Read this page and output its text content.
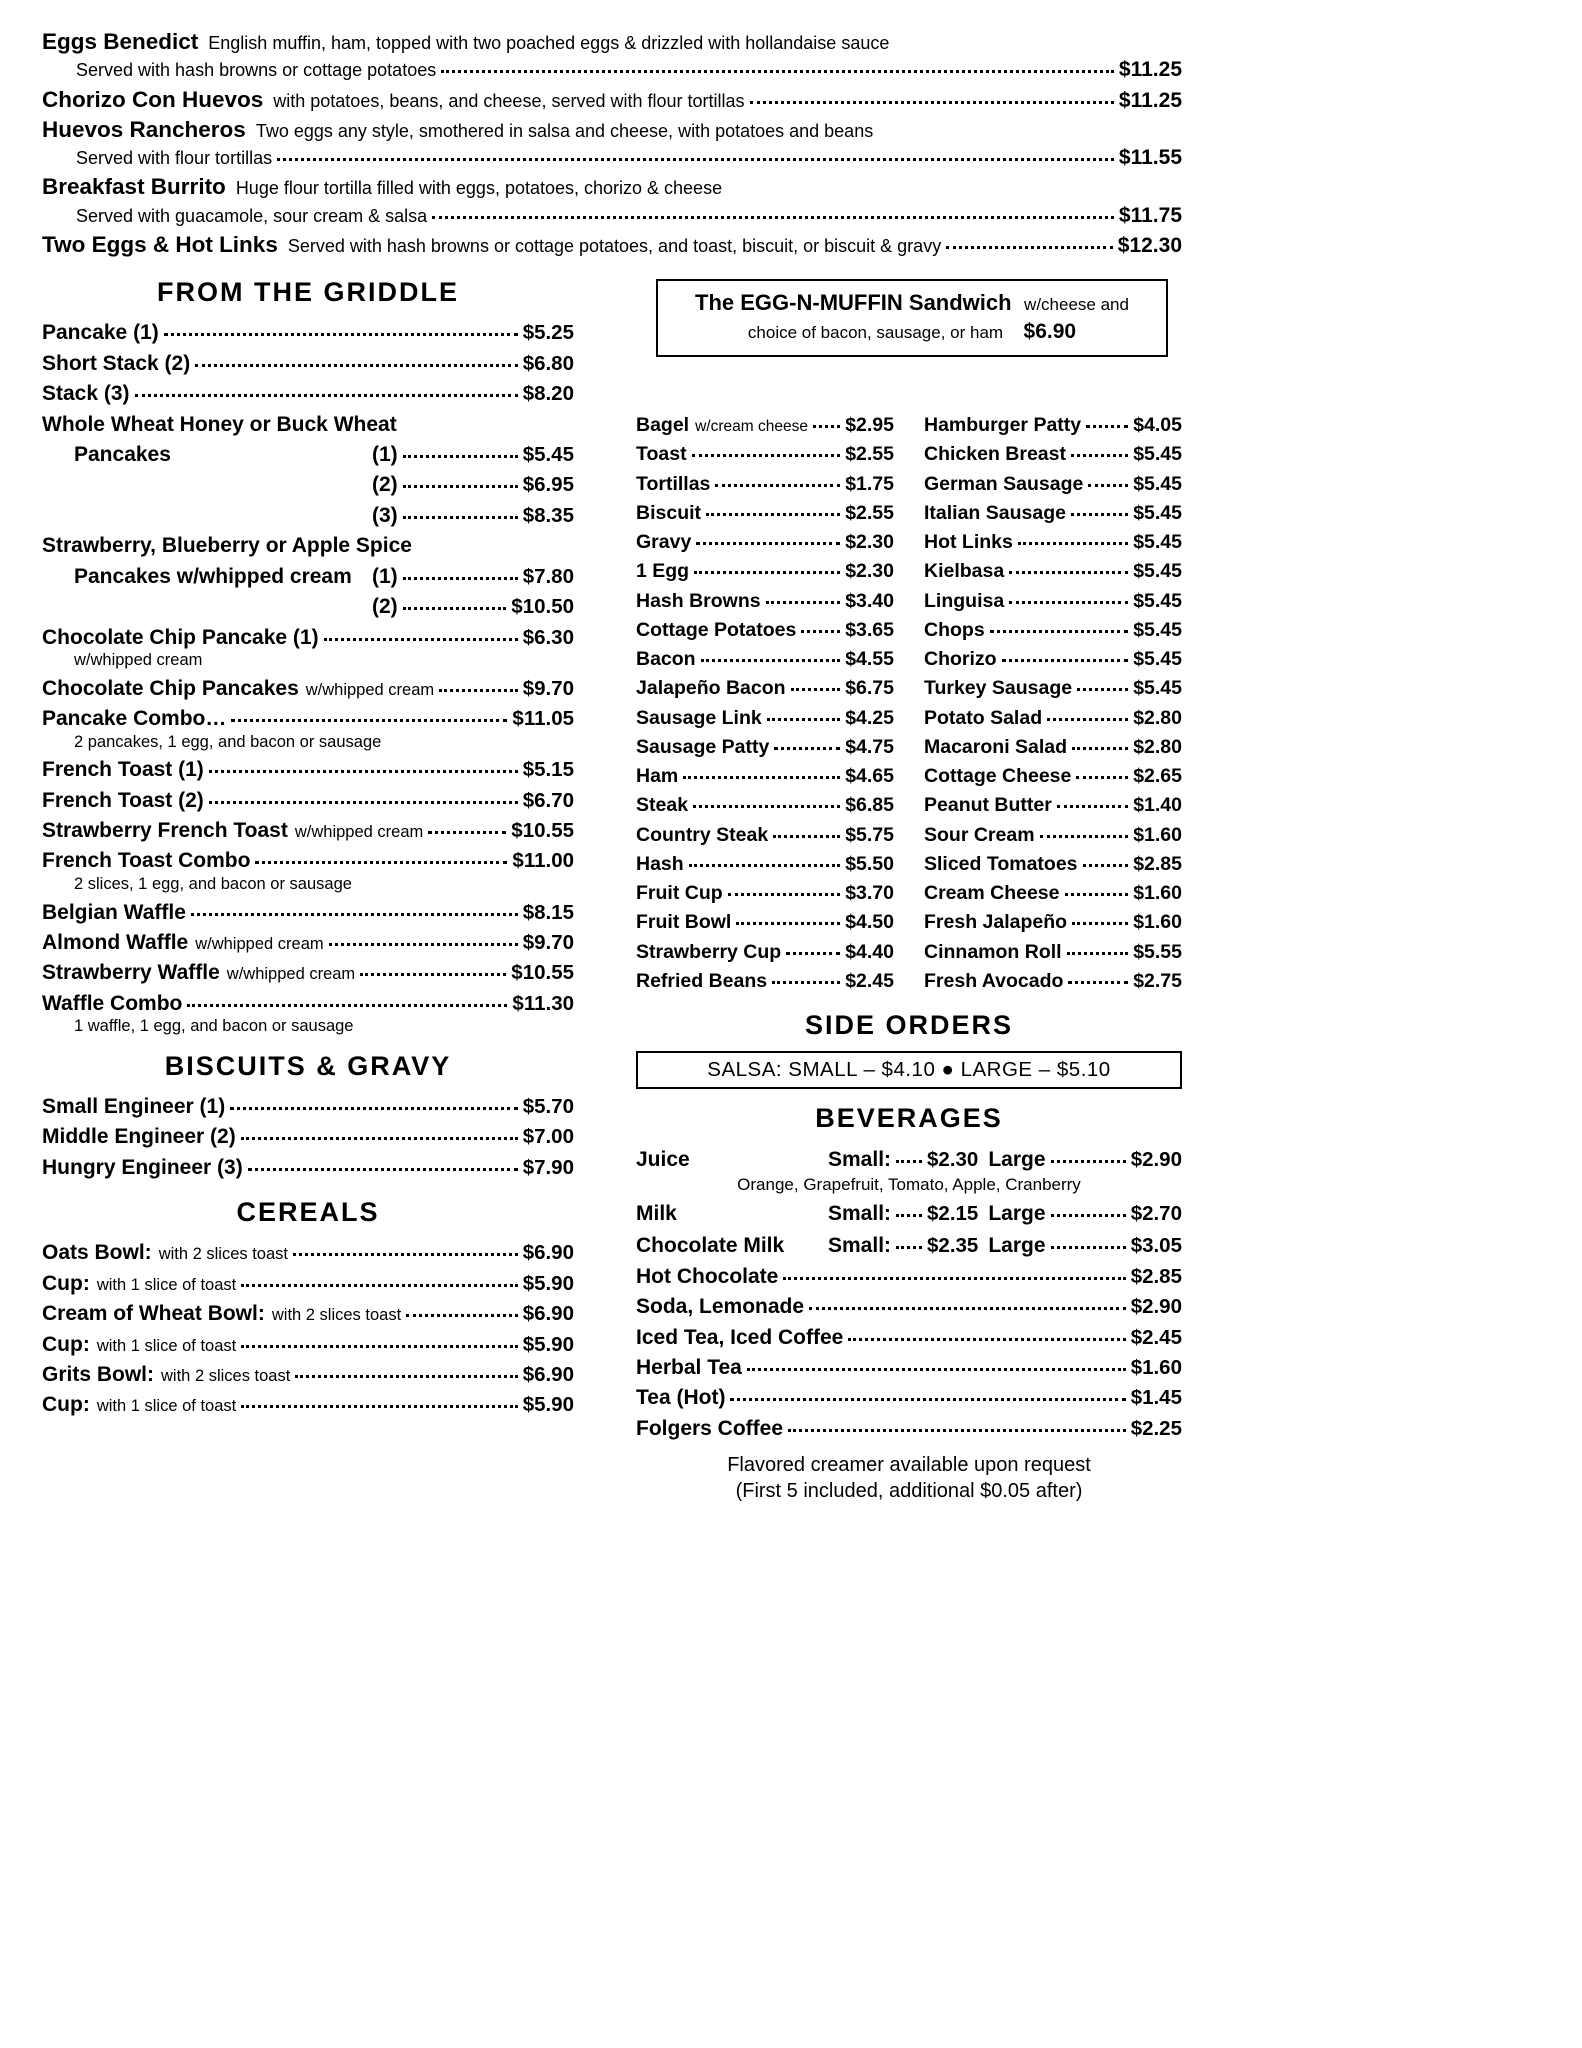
Eggs Benedict English muffin, ham, topped with two poached eggs & drizzled with hollandaise sauce
Served with hash browns or cottage potatoes	$11.25
Chorizo Con Huevos with potatoes, beans, and cheese, served with flour tortillas	$11.25
Huevos Rancheros Two eggs any style, smothered in salsa and cheese, with potatoes and beans
Served with flour tortillas	$11.55
Breakfast Burrito Huge flour tortilla filled with eggs, potatoes, chorizo & cheese
Served with guacamole, sour cream & salsa	$11.75
Two Eggs & Hot Links Served with hash browns or cottage potatoes, and toast, biscuit, or biscuit & gravy	$12.30
FROM THE GRIDDLE
Pancake (1)	$5.25
Short Stack (2)	$6.80
Stack (3)	$8.20
Whole Wheat Honey or Buck Wheat
Pancakes	(1)	$5.45
(2)	$6.95
(3)	$8.35
Strawberry, Blueberry or Apple Spice
Pancakes w/whipped cream (1)	$7.80
(2)	$10.50
Chocolate Chip Pancake (1)	$6.30
w/whipped cream
Chocolate Chip Pancakes w/whipped cream	$9.70
Pancake Combo…	$11.05
2 pancakes, 1 egg, and bacon or sausage
French Toast (1)	$5.15
French Toast (2)	$6.70
Strawberry French Toast w/whipped cream	$10.55
French Toast Combo	$11.00
2 slices, 1 egg, and bacon or sausage
Belgian Waffle	$8.15
Almond Waffle w/whipped cream	$9.70
Strawberry Waffle w/whipped cream	$10.55
Waffle Combo	$11.30
1 waffle, 1 egg, and bacon or sausage
BISCUITS & GRAVY
Small Engineer (1)	$5.70
Middle Engineer (2)	$7.00
Hungry Engineer (3)	$7.90
CEREALS
Oats Bowl: with 2 slices toast	$6.90
Cup: with 1 slice of toast	$5.90
Cream of Wheat Bowl: with 2 slices toast	$6.90
Cup: with 1 slice of toast	$5.90
Grits Bowl: with 2 slices toast	$6.90
Cup: with 1 slice of toast	$5.90
The EGG-N-MUFFIN Sandwich w/cheese and
choice of bacon, sausage, or ham $6.90
Bagel w/cream cheese $2.95
Toast	$2.55
Tortillas	$1.75
Biscuit	$2.55
Gravy	$2.30
1 Egg	$2.30
Hash Browns	$3.40
Cottage Potatoes	$3.65
Bacon	$4.55
Jalapeño Bacon	$6.75
Sausage Link	$4.25
Sausage Patty	$4.75
Ham	$4.65
Steak	$6.85
Country Steak	$5.75
Hash	$5.50
Fruit Cup	$3.70
Fruit Bowl	$4.50
Strawberry Cup	$4.40
Refried Beans	$2.45
Hamburger Patty	$4.05
Chicken Breast	$5.45
German Sausage	$5.45
Italian Sausage	$5.45
Hot Links	$5.45
Kielbasa	$5.45
Linguisa	$5.45
Chops	$5.45
Chorizo	$5.45
Turkey Sausage	$5.45
Potato Salad	$2.80
Macaroni Salad	$2.80
Cottage Cheese	$2.65
Peanut Butter	$1.40
Sour Cream	$1.60
Sliced Tomatoes	$2.85
Cream Cheese	$1.60
Fresh Jalapeño	$1.60
Cinnamon Roll	$5.55
Fresh Avocado	$2.75
SIDE ORDERS
SALSA: SMALL – $4.10 ● LARGE – $5.10
BEVERAGES
Juice	Small: $2.30 Large	$2.90
Orange, Grapefruit, Tomato, Apple, Cranberry
Milk	Small: $2.15 Large	$2.70
Chocolate Milk	Small: $2.35 Large	$3.05
Hot Chocolate	$2.85
Soda, Lemonade	$2.90
Iced Tea, Iced Coffee	$2.45
Herbal Tea	$1.60
Tea (Hot)	$1.45
Folgers Coffee	$2.25
Flavored creamer available upon request
(First 5 included, additional $0.05 after)
